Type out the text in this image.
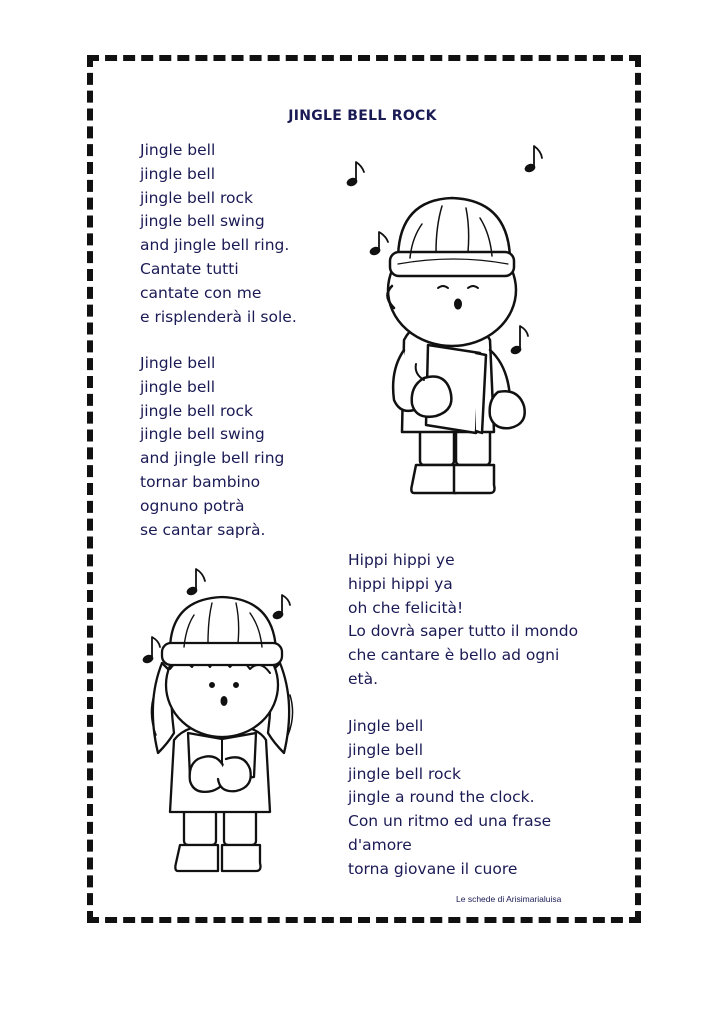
JINGLE BELL ROCK
Jingle bell
jingle bell
jingle bell rock
jingle bell swing
and jingle bell ring.
Cantate tutti
cantate con me
e risplenderà il sole.
Jingle bell
jingle bell
jingle bell rock
jingle bell swing
and jingle bell ring
tornar bambino
ognuno potrà
se cantar saprà.
Hippi hippi ye
hippi hippi ya
oh che felicità!
Lo dovrà saper tutto il mondo
che cantare è bello ad ogni
età.
Jingle bell
jingle bell
jingle bell rock
jingle a round the clock.
Con un ritmo ed una frase
d'amore
torna giovane il cuore
Le schede di Arisimarialuisa
